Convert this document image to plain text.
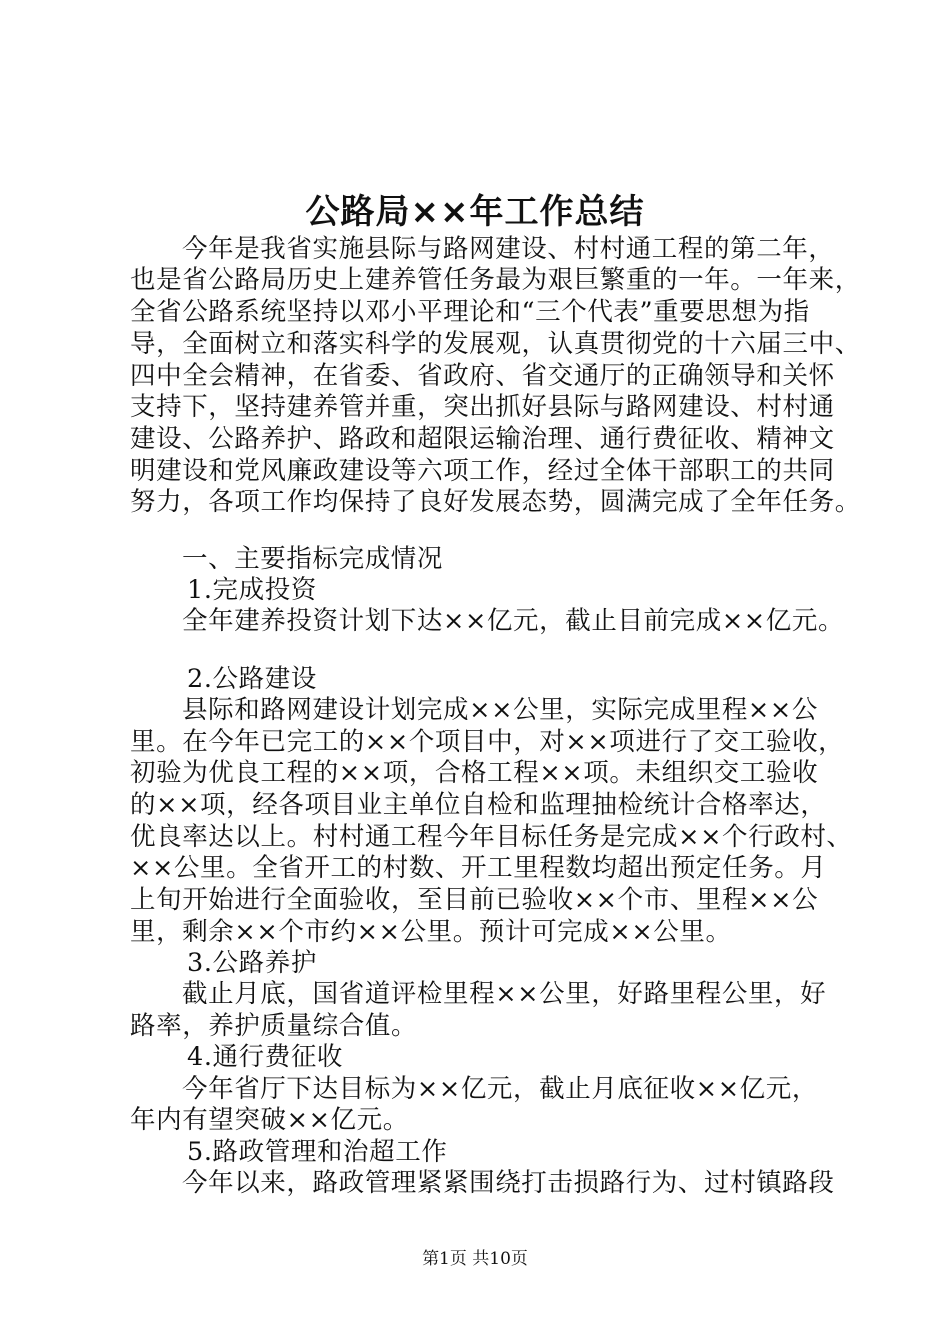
公路局××年工作总结
今年是我省实施县际与路网建设、村村通工程的第二年，
也是省公路局历史上建养管任务最为艰巨繁重的一年。一年来，
全省公路系统坚持以邓小平理论和“三个代表”重要思想为指
导，全面树立和落实科学的发展观，认真贯彻党的十六届三中、
四中全会精神，在省委、省政府、省交通厅的正确领导和关怀
支持下，坚持建养管并重，突出抓好县际与路网建设、村村通
建设、公路养护、路政和超限运输治理、通行费征收、精神文
明建设和党风廉政建设等六项工作，经过全体干部职工的共同
努力，各项工作均保持了良好发展态势，圆满完成了全年任务。
一、主要指标完成情况
1.完成投资
全年建养投资计划下达××亿元，截止目前完成××亿元。
2.公路建设
县际和路网建设计划完成××公里，实际完成里程××公
里。在今年已完工的××个项目中，对××项进行了交工验收，
初验为优良工程的××项，合格工程××项。未组织交工验收
的××项，经各项目业主单位自检和监理抽检统计合格率达，
优良率达以上。村村通工程今年目标任务是完成××个行政村、
××公里。全省开工的村数、开工里程数均超出预定任务。月
上旬开始进行全面验收，至目前已验收××个市、里程××公
里，剩余××个市约××公里。预计可完成××公里。
3.公路养护
截止月底，国省道评检里程××公里，好路里程公里，好
路率，养护质量综合值。
4.通行费征收
今年省厅下达目标为××亿元，截止月底征收××亿元，
年内有望突破××亿元。
5.路政管理和治超工作
今年以来，路政管理紧紧围绕打击损路行为、过村镇路段
第1页 共10页
